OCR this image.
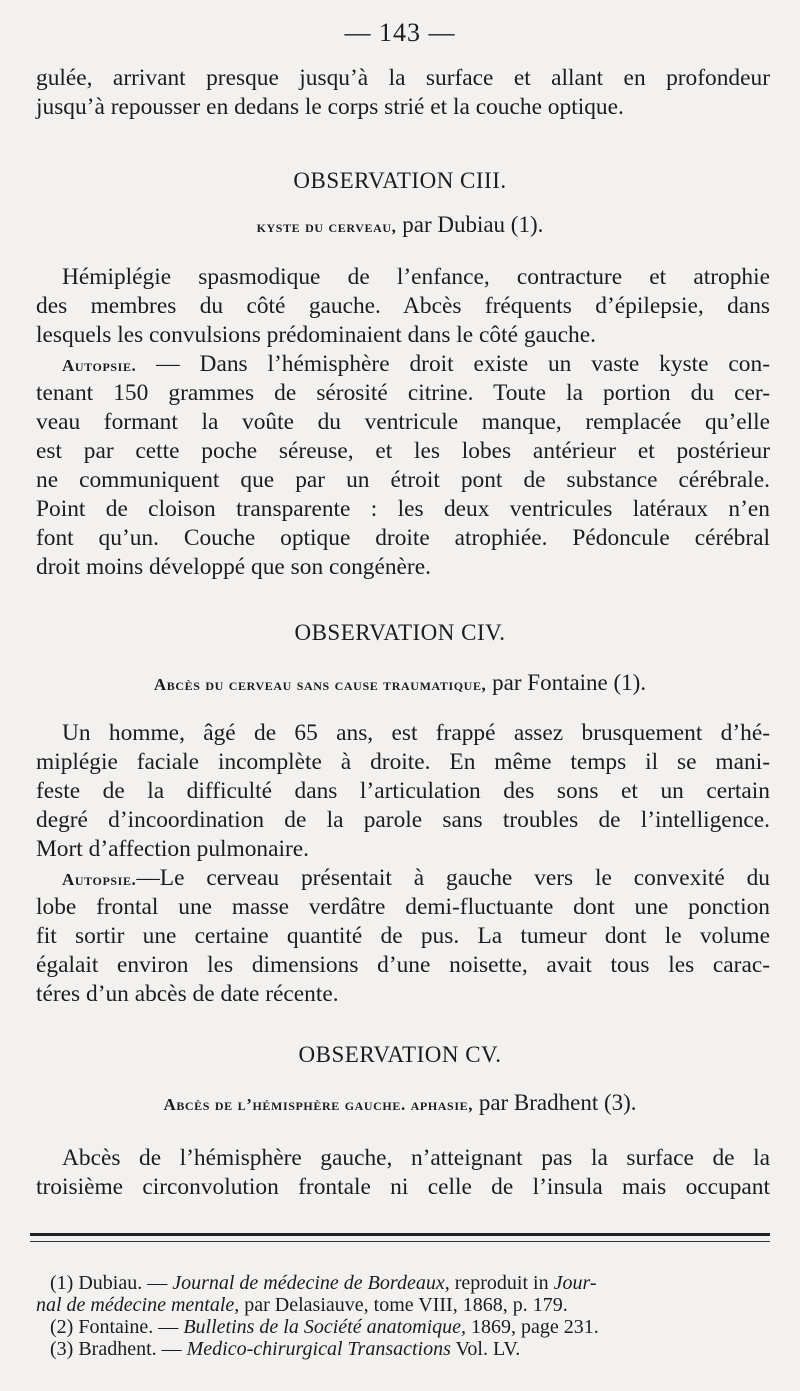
— 143 —
gulée, arrivant presque jusqu’à la surface et allant en profondeur
jusqu’à repousser en dedans le corps strié et la couche optique.
OBSERVATION CIII.
kyste du cerveau, par Dubiau (1).
Hémiplégie spasmodique de l’enfance, contracture et atrophie
des membres du côté gauche. Abcès fréquents d’épilepsie, dans
lesquels les convulsions prédominaient dans le côté gauche.
Autopsie. — Dans l’hémisphère droit existe un vaste kyste con-
tenant 150 grammes de sérosité citrine. Toute la portion du cer-
veau formant la voûte du ventricule manque, remplacée qu’elle
est par cette poche séreuse, et les lobes antérieur et postérieur
ne communiquent que par un étroit pont de substance cérébrale.
Point de cloison transparente : les deux ventricules latéraux n’en
font qu’un. Couche optique droite atrophiée. Pédoncule cérébral
droit moins développé que son congénère.
OBSERVATION CIV.
Abcès du cerveau sans cause traumatique, par Fontaine (1).
Un homme, âgé de 65 ans, est frappé assez brusquement d’hé-
miplégie faciale incomplète à droite. En même temps il se mani-
feste de la difficulté dans l’articulation des sons et un certain
degré d’incoordination de la parole sans troubles de l’intelligence.
Mort d’affection pulmonaire.
Autopsie.—Le cerveau présentait à gauche vers le convexité du
lobe frontal une masse verdâtre demi-fluctuante dont une ponction
fit sortir une certaine quantité de pus. La tumeur dont le volume
égalait environ les dimensions d’une noisette, avait tous les carac-
téres d’un abcès de date récente.
OBSERVATION CV.
Abcès de l’hémisphère gauche. aphasie, par Bradhent (3).
Abcès de l’hémisphère gauche, n’atteignant pas la surface de la
troisième circonvolution frontale ni celle de l’insula mais occupant
(1) Dubiau. — Journal de médecine de Bordeaux, reproduit in Jour-
nal de médecine mentale, par Delasiauve, tome VIII, 1868, p. 179.
(2) Fontaine. — Bulletins de la Société anatomique, 1869, page 231.
(3) Bradhent. — Medico-chirurgical Transactions Vol. LV.
